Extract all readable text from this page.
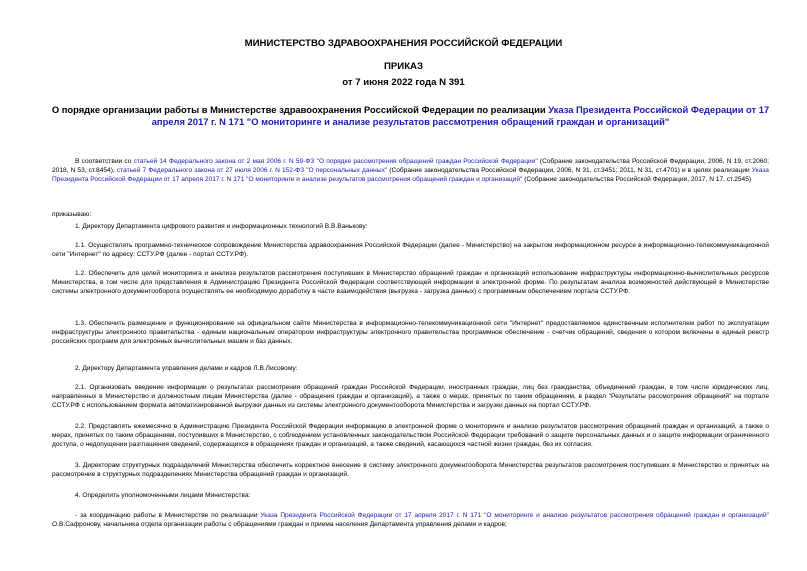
МИНИСТЕРСТВО ЗДРАВООХРАНЕНИЯ РОССИЙСКОЙ ФЕДЕРАЦИИ
ПРИКАЗ
от 7 июня 2022 года N 391
О порядке организации работы в Министерстве здравоохранения Российской Федерации по реализации Указа Президента Российской Федерации от 17 апреля 2017 г. N 171 "О мониторинге и анализе результатов рассмотрения обращений граждан и организаций"
В соответствии со статьей 14 Федерального закона от 2 мая 2006 г. N 59-ФЗ "О порядке рассмотрения обращений граждан Российской Федерации" (Собрание законодательства Российской Федерации, 2006, N 19, ст.2060; 2018, N 53, ст.8454), статьей 7 Федерального закона от 27 июля 2006 г. N 152-ФЗ "О персональных данных" (Собрание законодательства Российской Федерации, 2006, N 31, ст.3451; 2011, N 31, ст.4701) и в целях реализации Указа Президента Российской Федерации от 17 апреля 2017 г. N 171 "О мониторинге и анализе результатов рассмотрения обращений граждан и организаций" (Собрание законодательства Российской Федерации, 2017, N 17, ст.2545)
приказываю:
1. Директору Департамента цифрового развития и информационных технологий В.В.Ванькову:
1.1. Осуществлять программно-техническое сопровождение Министерства здравоохранения Российской Федерации (далее - Министерство) на закрытом информационном ресурсе в информационно-телекоммуникационной сети "Интернет" по адресу: ССТУ.РФ (далее - портал ССТУ.РФ).
1.2. Обеспечить для целей мониторинга и анализа результатов рассмотрения поступивших в Министерство обращений граждан и организаций использование инфраструктуры информационно-вычислительных ресурсов Министерства, в том числе для представления в Администрацию Президента Российской Федерации соответствующей информации в электронной форме. По результатам анализа возможностей действующей в Министерстве системы электронного документооборота осуществлять ее необходимую доработку в части взаимодействия (выгрузка - загрузка данных) с программным обеспечением портала ССТУ.РФ.
1.3. Обеспечить размещение и функционирование на официальном сайте Министерства в информационно-телекоммуникационной сети "Интернет" предоставляемое единственным исполнителем работ по эксплуатации инфраструктуры электронного правительства - единым национальным оператором инфраструктуры электронного правительства программное обеспечение - счетчик обращений, сведения о котором включены в единый реестр российских программ для электронных вычислительных машин и баз данных.
2. Директору Департамента управления делами и кадров Л.В.Лисовому:
2.1. Организовать введение информации о результатах рассмотрения обращений граждан Российской Федерации, иностранных граждан, лиц без гражданства, объединений граждан, в том числе юридических лиц, направленных в Министерство и должностным лицам Министерства (далее - обращения граждан и организаций), а также о мерах, принятых по таким обращениям, в раздел "Результаты рассмотрения обращений" на портале ССТУ.РФ с использованием формата автоматизированной выгрузки данных из системы электронного документооборота Министерства и загрузки данных на портал ССТУ.РФ.
2.2. Представлять ежемесячно в Администрацию Президента Российской Федерации информацию в электронной форме о мониторинге и анализе результатов рассмотрения обращений граждан и организаций, а также о мерах, принятых по таким обращениям, поступивших в Министерство, с соблюдением установленных законодательством Российской Федерации требований о защите персональных данных и о защите информации ограниченного доступа, о недопущении разглашения сведений, содержащихся в обращениях граждан и организаций, а также сведений, касающихся частной жизни граждан, без их согласия.
3. Директорам структурных подразделений Министерства обеспечить корректное внесение в систему электронного документооборота Министерства результатов рассмотрения поступивших в Министерство и принятых на рассмотрение в структурных подразделениях Министерства обращений граждан и организаций.
4. Определить уполномоченными лицами Министерства:
- за координацию работы в Министерстве по реализации Указа Президента Российской Федерации от 17 апреля 2017 г. N 171 "О мониторинге и анализе результатов рассмотрения обращений граждан и организаций" О.В.Сафронову, начальника отдела организации работы с обращениями граждан и приема населения Департамента управления делами и кадров;
